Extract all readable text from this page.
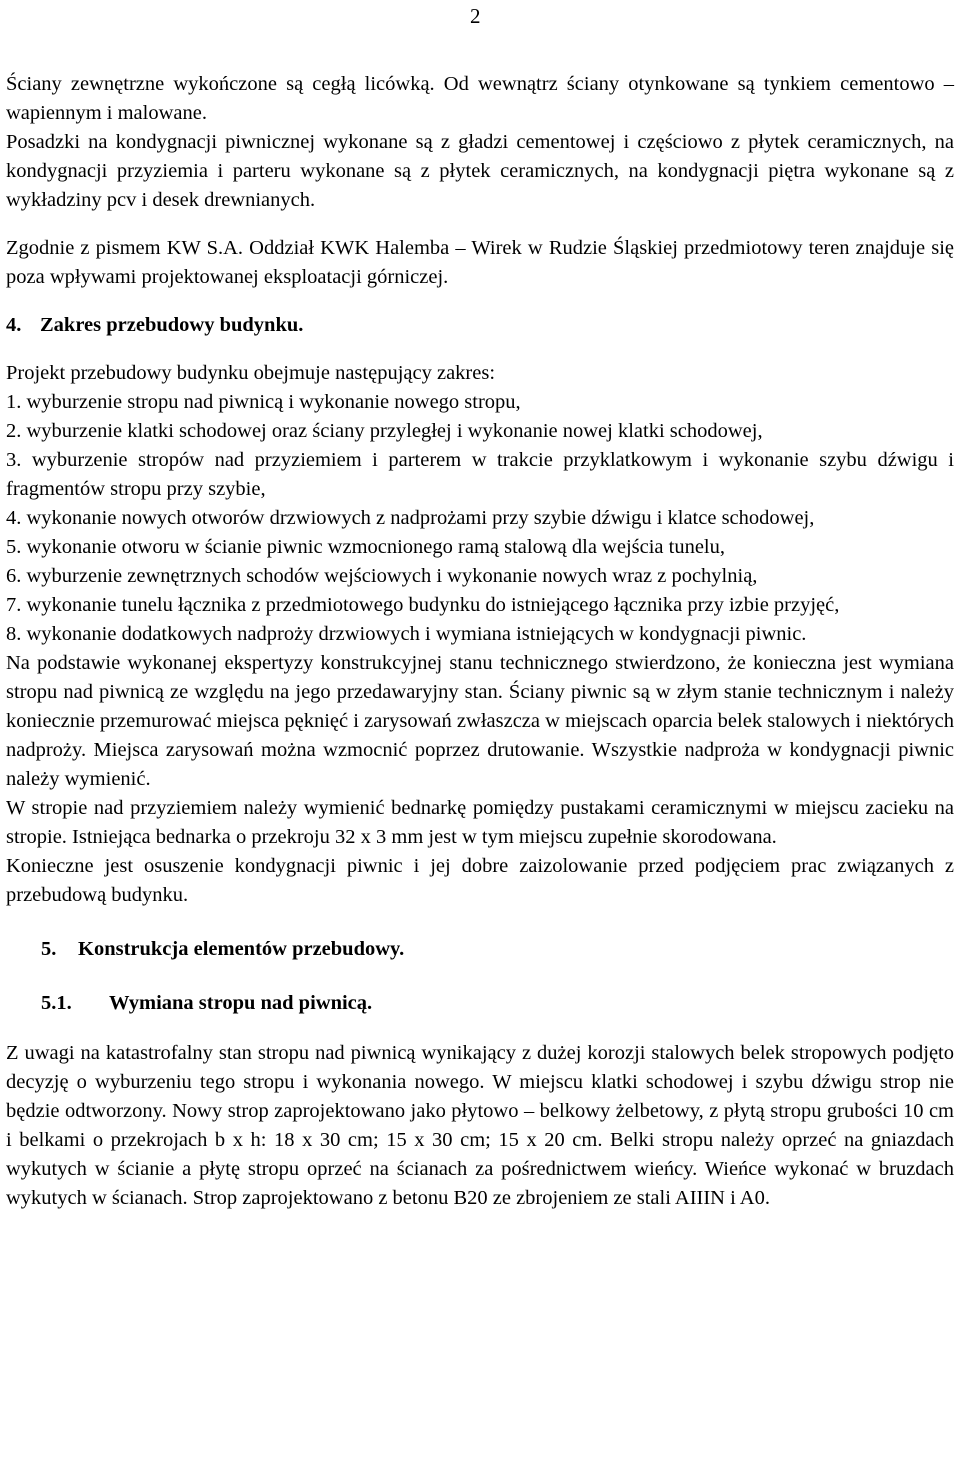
2

Ściany zewnętrzne wykończone są cegłą licówką. Od wewnątrz ściany otynkowane są tynkiem cementowo – wapiennym i malowane.

Posadzki na kondygnacji piwnicznej wykonane są z gładzi cementowej i częściowo z płytek ceramicznych, na kondygnacji przyziemia i parteru wykonane są z płytek ceramicznych, na kondygnacji piętra wykonane są z wykładziny pcv i desek drewnianych.

Zgodnie z pismem KW S.A. Oddział KWK Halemba – Wirek w Rudzie Śląskiej przedmiotowy teren znajduje się poza wpływami projektowanej eksploatacji górniczej.

4. Zakres przebudowy budynku.

Projekt przebudowy budynku obejmuje następujący zakres:

1. wyburzenie stropu nad piwnicą i wykonanie nowego stropu,

2. wyburzenie klatki schodowej oraz ściany przyległej i wykonanie nowej klatki schodowej,

3. wyburzenie stropów nad przyziemiem i parterem w trakcie przyklatkowym i wykonanie szybu dźwigu i fragmentów stropu przy szybie,

4. wykonanie nowych otworów drzwiowych z nadprożami przy szybie dźwigu i klatce schodowej,

5. wykonanie otworu w ścianie piwnic wzmocnionego ramą stalową dla wejścia tunelu,

6. wyburzenie zewnętrznych schodów wejściowych i wykonanie nowych wraz z pochylnią,

7. wykonanie tunelu łącznika z przedmiotowego budynku do istniejącego łącznika przy izbie przyjęć,

8. wykonanie dodatkowych nadproży drzwiowych i wymiana istniejących w kondygnacji piwnic.

Na podstawie wykonanej ekspertyzy konstrukcyjnej stanu technicznego stwierdzono, że konieczna jest wymiana stropu nad piwnicą ze względu na jego przedawaryjny stan. Ściany piwnic są w złym stanie technicznym i należy koniecznie przemurować miejsca pęknięć i zarysowań zwłaszcza w miejscach oparcia belek stalowych i niektórych nadproży. Miejsca zarysowań można wzmocnić poprzez drutowanie. Wszystkie nadproża w kondygnacji piwnic należy wymienić.

W stropie nad przyziemiem należy wymienić bednarkę pomiędzy pustakami ceramicznymi w miejscu zacieku na stropie. Istniejąca bednarka o przekroju 32 x 3 mm jest w tym miejscu zupełnie skorodowana.

Konieczne jest osuszenie kondygnacji piwnic i jej dobre zaizolowanie przed podjęciem prac związanych z przebudową budynku.

5. Konstrukcja elementów przebudowy.

5.1. Wymiana stropu nad piwnicą.

Z uwagi na katastrofalny stan stropu nad piwnicą wynikający z dużej korozji stalowych belek stropowych podjęto decyzję o wyburzeniu tego stropu i wykonania nowego. W miejscu klatki schodowej i szybu dźwigu strop nie będzie odtworzony. Nowy strop zaprojektowano jako płytowo – belkowy żelbetowy, z płytą stropu grubości 10 cm i belkami o przekrojach b x h: 18 x 30 cm; 15 x 30 cm; 15 x 20 cm. Belki stropu należy oprzeć na gniazdach wykutych w ścianie a płytę stropu oprzeć na ścianach za pośrednictwem wieńcy. Wieńce wykonać w bruzdach wykutych w ścianach. Strop zaprojektowano z betonu B20 ze zbrojeniem ze stali AIIIN i A0.
